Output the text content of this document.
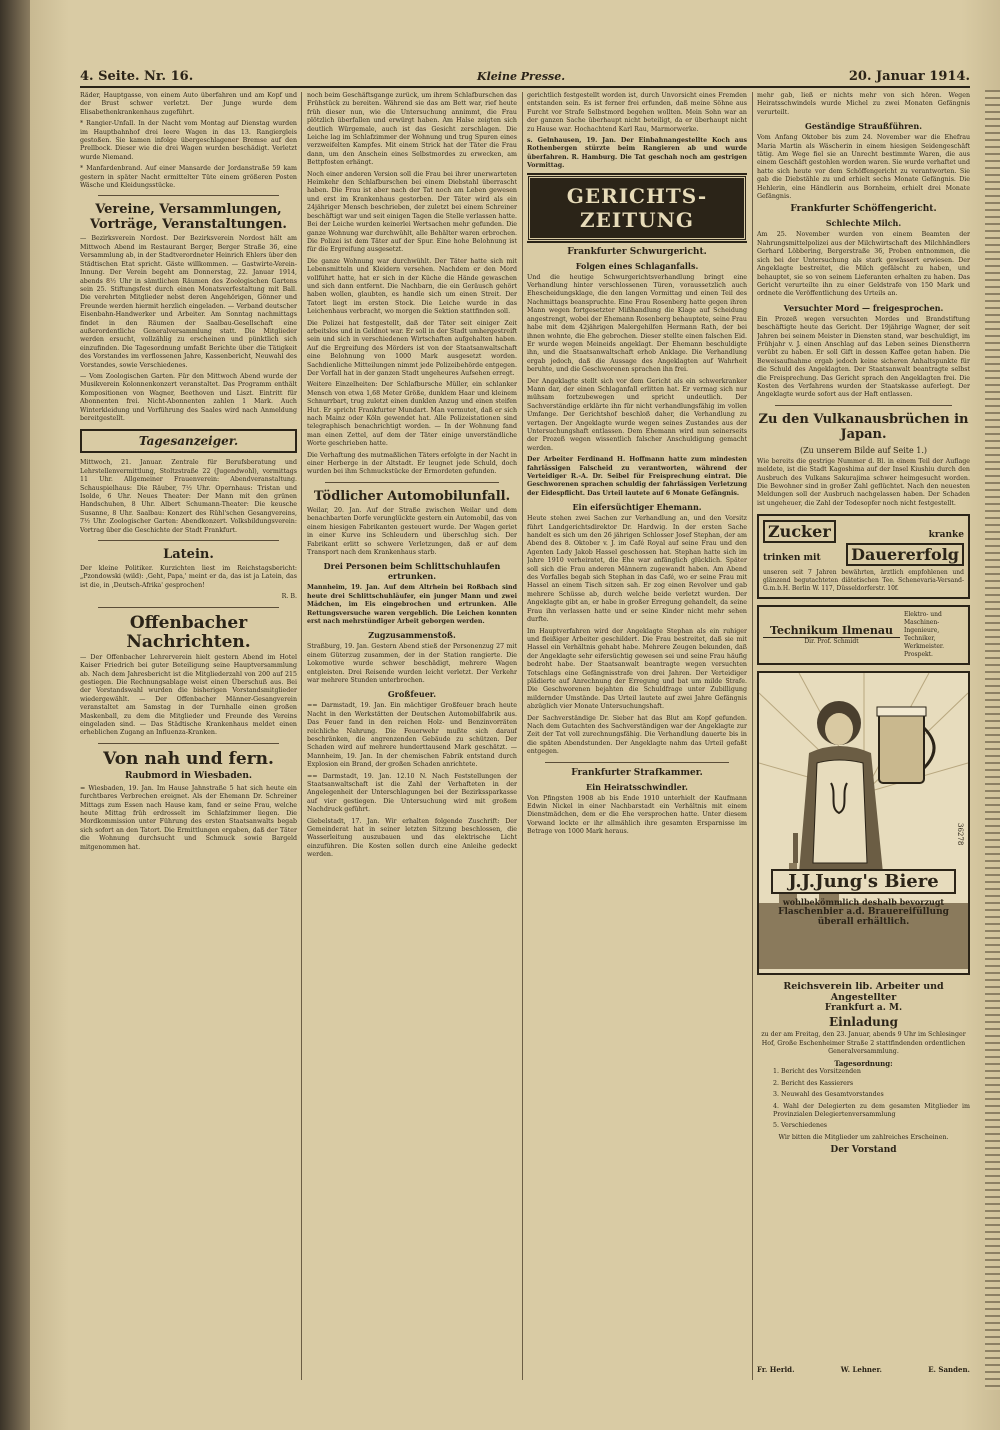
4. Seite. Nr. 16.	Kleine Presse.	20. Januar 1914.

Räder, Hauptgasse, von einem Auto überfahren und am Kopf und der Brust schwer verletzt. Der Junge wurde dem Elisabethenkrankenhaus zugeführt.

* Rangier-Unfall. In der Nacht vom Montag auf Dienstag wurden im Hauptbahnhof drei leere Wagen in das 13. Rangiergleis gestoßen. Sie kamen infolge übergeschlagener Bremse auf den Prellbock. Dieser wie die drei Wagen wurden beschädigt. Verletzt wurde Niemand.

* Manfardenbrand. Auf einer Mansarde der Jordanstraße 59 kam gestern in später Nacht ermittelter Tüte einem größeren Posten Wäsche und Kleidungsstücke.

Vereine, Versammlungen, Vorträge, Veranstaltungen.

— Bezirksverein Nordost. Der Bezirksverein Nordost hält am Mittwoch Abend im Restaurant Berger, Berger Straße 36, eine Versammlung ab, in der Stadtverordneter Heinrich Ehlers über den Städtischen Etat spricht. Gäste willkommen. — Gastwirte-Verein-Innung. Der Verein begeht am Donnerstag, 22. Januar 1914, abends 8½ Uhr in sämtlichen Räumen des Zoologischen Gartens sein 25. Stiftungsfest durch einen Monatsverfestaltung mit Ball. Die verehrten Mitglieder nebst deren Angehörigen, Gönner und Freunde werden hiermit herzlich eingeladen. — Verband deutscher Eisenbahn-Handwerker und Arbeiter. Am Sonntag nachmittags findet in den Räumen der Saalbau-Gesellschaft eine außerordentliche Generalversammlung statt. Die Mitglieder werden ersucht, vollzählig zu erscheinen und pünktlich sich einzufinden. Die Tagesordnung umfaßt Berichte über die Tätigkeit des Vorstandes im verflossenen Jahre, Kassenbericht, Neuwahl des Vorstandes, sowie Verschiedenes.

— Vom Zoologischen Garten. Für den Mittwoch Abend wurde der Musikverein Kolonnenkonzert veranstaltet. Das Programm enthält Kompositionen von Wagner, Beethoven und Liszt. Eintritt für Abonnenten frei. Nicht-Abonnenten zahlen 1 Mark. Auch Winterkleidung und Vorführung des Saales wird nach Anmeldung bereitgestellt.

Tagesanzeiger.

Mittwoch, 21. Januar. Zentrale für Berufsberatung und Lehrstellenvermittlung, Stoltzstraße 22 (Jugendwohl), vormittags 11 Uhr. Allgemeiner Frauenverein: Abendveranstaltung. Schauspielhaus: Die Räuber, 7½ Uhr. Opernhaus: Tristan und Isolde, 6 Uhr. Neues Theater: Der Mann mit den grünen Handschuhen, 8 Uhr. Albert Schumann-Theater: Die keusche Susanne, 8 Uhr. Saalbau: Konzert des Rühl'schen Gesangvereins, 7½ Uhr. Zoologischer Garten: Abendkonzert. Volksbildungsverein: Vortrag über die Geschichte der Stadt Frankfurt.

Latein.

Der kleine Politiker. Kurzichten liest im Reichstagsbericht: „Pzondowski (wild): ‚Geht, Papa,' meint er da, das ist ja Latein, das ist die, in ‚Deutsch-Afrika' gesprochen!

R. B.

Offenbacher Nachrichten.

— Der Offenbacher Lehrerverein hielt gestern Abend im Hotel Kaiser Friedrich bei guter Beteiligung seine Hauptversammlung ab. Nach dem Jahresbericht ist die Mitgliederzahl von 200 auf 215 gestiegen. Die Rechnungsablage weist einen Überschuß aus. Bei der Vorstandswahl wurden die bisherigen Vorstandsmitglieder wiedergewählt. — Der Offenbacher Männer-Gesangverein veranstaltet am Samstag in der Turnhalle einen großen Maskenball, zu dem die Mitglieder und Freunde des Vereins eingeladen sind. — Das Städtische Krankenhaus meldet einen erheblichen Zugang an Influenza-Kranken.

Von nah und fern.
Raubmord in Wiesbaden.

= Wiesbaden, 19. Jan. Im Hause Jahnstraße 5 hat sich heute ein furchtbares Verbrechen ereignet. Als der Ehemann Dr. Schreiner Mittags zum Essen nach Hause kam, fand er seine Frau, welche heute Mittag früh erdrosselt im Schlafzimmer liegen. Die Mordkommission unter Führung des ersten Staatsanwalts begab sich sofort an den Tatort. Die Ermittlungen ergaben, daß der Täter die Wohnung durchsucht und Schmuck sowie Bargeld mitgenommen hat.

noch beim Geschäftsgange zurück, um ihrem Schlafburschen das Frühstück zu bereiten. Während sie das am Bett war, rief heute früh dieser nun, wie die Untersuchung annimmt, die Frau plötzlich überfallen und erwürgt haben. Am Halse zeigten sich deutlich Würgemale, auch ist das Gesicht zerschlagen. Die Leiche lag im Schlafzimmer der Wohnung und trug Spuren eines verzweifelten Kampfes. Mit einem Strick hat der Täter die Frau dann, um den Anschein eines Selbstmordes zu erwecken, am Bettpfosten erhängt.

Noch einer anderen Version soll die Frau bei ihrer unerwarteten Heimkehr den Schlafburschen bei einem Diebstahl überrascht haben. Die Frau ist aber nach der Tat noch am Leben gewesen und erst im Krankenhaus gestorben. Der Täter wird als ein 24jähriger Mensch beschrieben, der zuletzt bei einem Schreiner beschäftigt war und seit einigen Tagen die Stelle verlassen hatte. Bei der Leiche wurden keinerlei Wertsachen mehr gefunden. Die ganze Wohnung war durchwühlt, alle Behälter waren erbrochen. Die Polizei ist dem Täter auf der Spur. Eine hohe Belohnung ist für die Ergreifung ausgesetzt.

Die ganze Wohnung war durchwühlt. Der Täter hatte sich mit Lebensmitteln und Kleidern versehen. Nachdem er den Mord vollführt hatte, hat er sich in der Küche die Hände gewaschen und sich dann entfernt. Die Nachbarn, die ein Geräusch gehört haben wollen, glaubten, es handle sich um einen Streit. Der Tatort liegt im ersten Stock. Die Leiche wurde in das Leichenhaus verbracht, wo morgen die Sektion stattfinden soll.

Die Polizei hat festgestellt, daß der Täter seit einiger Zeit arbeitslos und in Geldnot war. Er soll in der Stadt umhergestreift sein und sich in verschiedenen Wirtschaften aufgehalten haben. Auf die Ergreifung des Mörders ist von der Staatsanwaltschaft eine Belohnung von 1000 Mark ausgesetzt worden. Sachdienliche Mitteilungen nimmt jede Polizeibehörde entgegen. Der Vorfall hat in der ganzen Stadt ungeheures Aufsehen erregt.

Weitere Einzelheiten: Der Schlafbursche Müller, ein schlanker Mensch von etwa 1,68 Meter Größe, dunklem Haar und kleinem Schnurrbart, trug zuletzt einen dunklen Anzug und einen steifen Hut. Er spricht Frankfurter Mundart. Man vermutet, daß er sich nach Mainz oder Köln gewendet hat. Alle Polizeistationen sind telegraphisch benachrichtigt worden. — In der Wohnung fand man einen Zettel, auf dem der Täter einige unverständliche Worte geschrieben hatte.

Die Verhaftung des mutmaßlichen Täters erfolgte in der Nacht in einer Herberge in der Altstadt. Er leugnet jede Schuld, doch wurden bei ihm Schmuckstücke der Ermordeten gefunden.

Tödlicher Automobilunfall.

Weilar, 20. Jan. Auf der Straße zwischen Weilar und dem benachbarten Dorfe verunglückte gestern ein Automobil, das von einem hiesigen Fabrikanten gesteuert wurde. Der Wagen geriet in einer Kurve ins Schleudern und überschlug sich. Der Fabrikant erlitt so schwere Verletzungen, daß er auf dem Transport nach dem Krankenhaus starb.

Drei Personen beim Schlittschuhlaufen ertrunken.

Mannheim, 19. Jan. Auf dem Altrhein bei Roßbach sind heute drei Schlittschuhläufer, ein junger Mann und zwei Mädchen, im Eis eingebrochen und ertrunken. Alle Rettungsversuche waren vergeblich. Die Leichen konnten erst nach mehrstündiger Arbeit geborgen werden.

Zugzusammenstoß.

Straßburg, 19. Jan. Gestern Abend stieß der Personenzug 27 mit einem Güterzug zusammen, der in der Station rangierte. Die Lokomotive wurde schwer beschädigt, mehrere Wagen entgleisten. Drei Reisende wurden leicht verletzt. Der Verkehr war mehrere Stunden unterbrochen.

Großfeuer.

== Darmstadt, 19. Jan. Ein mächtiger Großfeuer brach heute Nacht in den Werkstätten der Deutschen Automobilfabrik aus. Das Feuer fand in den reichen Holz- und Benzinvorräten reichliche Nahrung. Die Feuerwehr mußte sich darauf beschränken, die angrenzenden Gebäude zu schützen. Der Schaden wird auf mehrere hunderttausend Mark geschätzt. — Mannheim, 19. Jan. In der chemischen Fabrik entstand durch Explosion ein Brand, der großen Schaden anrichtete.

== Darmstadt, 19. Jan. 12.10 N. Nach Feststellungen der Staatsanwaltschaft ist die Zahl der Verhafteten in der Angelegenheit der Unterschlagungen bei der Bezirkssparkasse auf vier gestiegen. Die Untersuchung wird mit großem Nachdruck geführt.

Giebelstadt, 17. Jan. Wir erhalten folgende Zuschrift: Der Gemeinderat hat in seiner letzten Sitzung beschlossen, die Wasserleitung auszubauen und das elektrische Licht einzuführen. Die Kosten sollen durch eine Anleihe gedeckt werden.

gerichtlich festgestellt worden ist, durch Unvorsicht eines Fremden entstanden sein. Es ist ferner frei erfunden, daß meine Söhne aus Furcht vor Strafe Selbstmord begehen wollten. Mein Sohn war an der ganzen Sache überhaupt nicht beteiligt, da er überhaupt nicht zu Hause war. Hochachtend Karl Rau, Marmorwerke.

s. Gelnhausen, 19. Jan. Der Einbahnangestellte Koch aus Rothenbergen stürzte beim Rangieren ab und wurde überfahren. R. Hamburg. Die Tat geschah noch am gestrigen Vormittag.

GERICHTS-ZEITUNG
Frankfurter Schwurgericht.
Folgen eines Schlaganfalls.

Und die heutige Schwurgerichtsverhandlung bringt eine Verhandlung hinter verschlossenen Türen, voraussetzlich auch Ehescheidungsklage, die den langen Vormittag und einen Teil des Nachmittags beanspruchte. Eine Frau Rosenberg hatte gegen ihren Mann wegen fortgesetzter Mißhandlung die Klage auf Scheidung angestrengt, wobei der Ehemann Rosenberg behauptete, seine Frau habe mit dem 42jährigen Malergehilfen Hermann Rath, der bei ihnen wohnte, die Ehe gebrochen. Dieser stellte einen falschen Eid. Er wurde wegen Meineids angeklagt. Der Ehemann beschuldigte ihn, und die Staatsanwaltschaft erhob Anklage. Die Verhandlung ergab jedoch, daß die Aussage des Angeklagten auf Wahrheit beruhte, und die Geschworenen sprachen ihn frei.

Der Angeklagte stellt sich vor dem Gericht als ein schwerkranker Mann dar, der einen Schlaganfall erlitten hat. Er vermag sich nur mühsam fortzubewegen und spricht undeutlich. Der Sachverständige erklärte ihn für nicht verhandlungsfähig im vollen Umfange. Der Gerichtshof beschloß daher, die Verhandlung zu vertagen. Der Angeklagte wurde wegen seines Zustandes aus der Untersuchungshaft entlassen. Dem Ehemann wird nun seinerseits der Prozeß wegen wissentlich falscher Anschuldigung gemacht werden.

Der Arbeiter Ferdinand H. Hoffmann hatte zum mindesten fahrlässigen Falscheid zu verantworten, während der Verteidiger R.-A. Dr. Seibel für Freisprechung eintrat. Die Geschworenen sprachen schuldig der fahrlässigen Verletzung der Eidespflicht. Das Urteil lautete auf 6 Monate Gefängnis.

Ein eifersüchtiger Ehemann.

Heute stehen zwei Sachen zur Verhandlung an, und den Vorsitz führt Landgerichtsdirektor Dr. Hardwig. In der ersten Sache handelt es sich um den 26 jährigen Schlosser Josef Stephan, der am Abend des 8. Oktober v. J. im Café Royal auf seine Frau und den Agenten Lady Jakob Hassel geschossen hat. Stephan hatte sich im Jahre 1910 verheiratet, die Ehe war anfänglich glücklich. Später soll sich die Frau anderen Männern zugewandt haben. Am Abend des Vorfalles begab sich Stephan in das Café, wo er seine Frau mit Hassel an einem Tisch sitzen sah. Er zog einen Revolver und gab mehrere Schüsse ab, durch welche beide verletzt wurden. Der Angeklagte gibt an, er habe in großer Erregung gehandelt, da seine Frau ihn verlassen hatte und er seine Kinder nicht mehr sehen durfte.

Im Hauptverfahren wird der Angeklagte Stephan als ein ruhiger und fleißiger Arbeiter geschildert. Die Frau bestreitet, daß sie mit Hassel ein Verhältnis gehabt habe. Mehrere Zeugen bekunden, daß der Angeklagte sehr eifersüchtig gewesen sei und seine Frau häufig bedroht habe. Der Staatsanwalt beantragte wegen versuchten Totschlags eine Gefängnisstrafe von drei Jahren. Der Verteidiger plädierte auf Anrechnung der Erregung und bat um milde Strafe. Die Geschworenen bejahten die Schuldfrage unter Zubilligung mildernder Umstände. Das Urteil lautete auf zwei Jahre Gefängnis abzüglich vier Monate Untersuchungshaft.

Der Sachverständige Dr. Sieber hat das Blut am Kopf gefunden. Nach dem Gutachten des Sachverständigen war der Angeklagte zur Zeit der Tat voll zurechnungsfähig. Die Verhandlung dauerte bis in die späten Abendstunden. Der Angeklagte nahm das Urteil gefaßt entgegen.

Frankfurter Strafkammer.
Ein Heiratsschwindler.

Von Pfingsten 1908 ab bis Ende 1910 unterhielt der Kaufmann Edwin Nickel in einer Nachbarstadt ein Verhältnis mit einem Dienstmädchen, dem er die Ehe versprochen hatte. Unter diesem Vorwand lockte er ihr allmählich ihre gesamten Ersparnisse im Betrage von 1000 Mark heraus.

mehr gab, ließ er nichts mehr von sich hören. Wegen Heiratsschwindels wurde Michel zu zwei Monaten Gefängnis verurteilt.

Geständige Straußführen.

Vom Anfang Oktober bis zum 24. November war die Ehefrau Maria Martin als Wäscherin in einem hiesigen Seidengeschäft tätig. Am Wege fiel sie an Unrecht bestimmte Waren, die aus einem Geschäft gestohlen worden waren. Sie wurde verhaftet und hatte sich heute vor dem Schöffengericht zu verantworten. Sie gab die Diebstähle zu und erhielt sechs Monate Gefängnis. Die Hehlerin, eine Händlerin aus Bornheim, erhielt drei Monate Gefängnis.

Frankfurter Schöffengericht.
Schlechte Milch.

Am 25. November wurden von einem Beamten der Nahrungsmittelpolizei aus der Milchwirtschaft des Milchhändlers Gerhard Löbbering, Bergerstraße 36, Proben entnommen, die sich bei der Untersuchung als stark gewässert erwiesen. Der Angeklagte bestreitet, die Milch gefälscht zu haben, und behauptet, sie so von seinem Lieferanten erhalten zu haben. Das Gericht verurteilte ihn zu einer Geldstrafe von 150 Mark und ordnete die Veröffentlichung des Urteils an.

Versuchter Mord — freigesprochen.

Ein Prozeß wegen versuchten Mordes und Brandstiftung beschäftigte heute das Gericht. Der 19jährige Wagner, der seit Jahren bei seinem Meister in Diensten stand, war beschuldigt, im Frühjahr v. J. einen Anschlag auf das Leben seines Dienstherrn verübt zu haben. Er soll Gift in dessen Kaffee getan haben. Die Beweisaufnahme ergab jedoch keine sicheren Anhaltspunkte für die Schuld des Angeklagten. Der Staatsanwalt beantragte selbst die Freisprechung. Das Gericht sprach den Angeklagten frei. Die Kosten des Verfahrens wurden der Staatskasse auferlegt. Der Angeklagte wurde sofort aus der Haft entlassen.

Zu den Vulkanausbrüchen in Japan.
(Zu unserem Bilde auf Seite 1.)

Wie bereits die gestrige Nummer d. Bl. in einem Teil der Auflage meldete, ist die Stadt Kagoshima auf der Insel Kiushiu durch den Ausbruch des Vulkans Sakurajima schwer heimgesucht worden. Die Bewohner sind in großer Zahl geflüchtet. Nach den neuesten Meldungen soll der Ausbruch nachgelassen haben. Der Schaden ist ungeheuer, die Zahl der Todesopfer noch nicht festgestellt.

Zucker	kranke
trinken mit	Dauererfolg
unseren seit 7 Jahren bewährten, ärztlich empfohlenen und glänzend begutachteten diätetischen Tee. Schenevaria-Versand-G.m.b.H. Berlin W. 117, Düsseldorferstr. 10f.
Technikum Ilmenau
Dir. Prof. Schmidt
Elektro- und Maschinen-Ingenieure, Techniker, Werkmeister. Prospekt.
J.J.Jung's Biere
wohlbekömmlich deshalb bevorzugt
Flaschenbier a.d. Brauereifüllung
überall erhältlich.
36278
Reichsverein lib. Arbeiter und Angestellter
Frankfurt a. M.
Einladung

zu der am Freitag, den 23. Januar, abends 9 Uhr im Schlesinger Hof, Große Eschenheimer Straße 2 stattfindenden ordentlichen Generalversammlung.

Tagesordnung:

1. Bericht des Vorsitzenden

2. Bericht des Kassierers

3. Neuwahl des Gesamtvorstandes

4. Wahl der Delegierten zu dem gesamten Mitglieder im Provinzialen Delegiertenversammlung

5. Verschiedenes

Wir bitten die Mitglieder um zahlreiches Erscheinen.

Der Vorstand
Fr. Herld.	W. Lehner.	E. Sanden.
